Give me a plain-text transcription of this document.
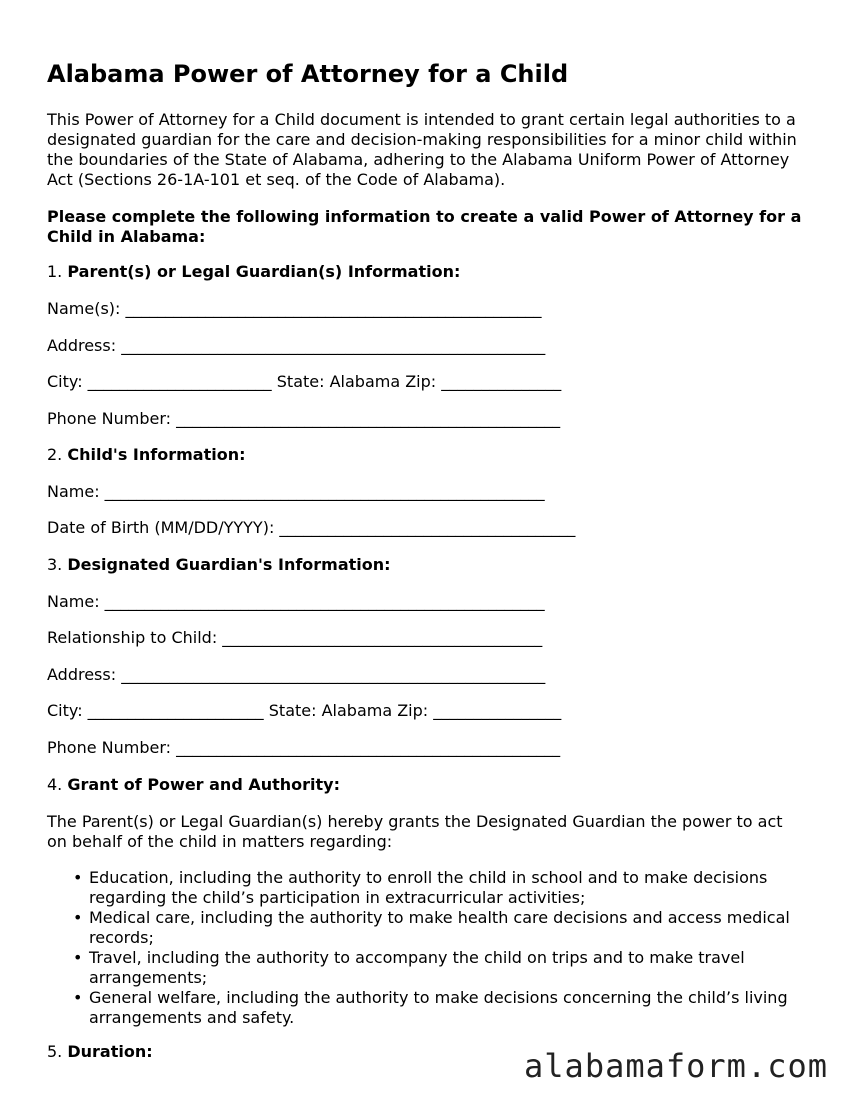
Alabama Power of Attorney for a Child

This Power of Attorney for a Child document is intended to grant certain legal authorities to a designated guardian for the care and decision-making responsibilities for a minor child within the boundaries of the State of Alabama, adhering to the Alabama Uniform Power of Attorney Act (Sections 26-1A-101 et seq. of the Code of Alabama).

Please complete the following information to create a valid Power of Attorney for a Child in Alabama:

1. Parent(s) or Legal Guardian(s) Information:
Name(s): ____________________________________________________
Address: _____________________________________________________
City: _______________________ State: Alabama Zip: _______________
Phone Number: ________________________________________________
2. Child's Information:
Name: _______________________________________________________
Date of Birth (MM/DD/YYYY): _____________________________________
3. Designated Guardian's Information:
Name: _______________________________________________________
Relationship to Child: ________________________________________
Address: _____________________________________________________
City: ______________________ State: Alabama Zip: ________________
Phone Number: ________________________________________________
4. Grant of Power and Authority:

The Parent(s) or Legal Guardian(s) hereby grants the Designated Guardian the power to act on behalf of the child in matters regarding:

• Education, including the authority to enroll the child in school and to make decisions regarding the child’s participation in extracurricular activities;
• Medical care, including the authority to make health care decisions and access medical records;
• Travel, including the authority to accompany the child on trips and to make travel arrangements;
• General welfare, including the authority to make decisions concerning the child’s living arrangements and safety.
5. Duration:	alabamaform.com
